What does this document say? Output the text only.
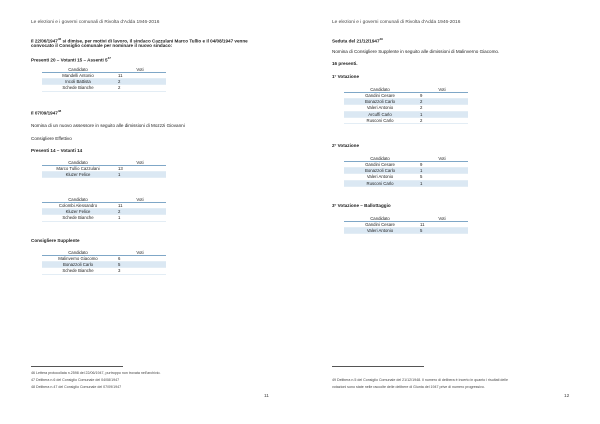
Le elezioni e i governi comunali di Rivolta d'Adda 1946-2016
Il 22/06/1947$^{46}$ si dimise, per motivi di lavoro, il sindaco Cazzulani Marco Tullio e il 04/08/1947 venne
convocato il Consiglio comunale per nominare il nuovo sindaco:
Presenti 20 – Votanti 15 – Assenti $5^{47}$
Candidato	Voti
Mandelli Antonio	11
Incoli Battista	2
Schede Bianche	2
Il 07/09/1947$^{48}$
Nomina di un nuovo assessore in seguito alle dimissioni di Mozzzi Giovanni
Consigliere Effettivo
Presenti 14 – Votanti 14
Candidato	Voti
Marco Tullio Cazzulani	13
Kluzer Felice	1
Candidato	Voti
Colombi Alessandro	11
Kluzer Felice	2
Schede Bianche	1
Consigliere Supplente
Candidato	Voti
Malinverno Giacomo	6
Bonazzoli Carlo	5
Schede Bianche	3
46 Lettera protocollata n.2598 del 22/06/1947, purtroppo non trovata nell'archivio.
47 Delibera n.6 del Consiglio Comunale del 04/08/1947
48 Delibera n.47 del Consiglio Comunale del 07/09/1947
11
Le elezioni e i governi comunali di Rivolta d'Adda 1946-2016
Seduta del 21/12/1947$^{49}$
Nomina di Consigliere Supplente in seguito alle dimissioni di Malinverno Giacomo.
16 presenti.
1° Votazione
Candidato	Voti
Gandini Cesare	9
Bonazzoli Carlo	2
Valeri Antonio	2
Arcuffi Carlo	1
Rusconi Carlo	2
2° Votazione
Candidato	Voti
Gandini Cesare	9
Bonazzoli Carlo	1
Valeri Antonio	5
Rusconi Carlo	1
3° Votazione – Ballottaggio
Candidato	Voti
Gandini Cesare	11
Valeri Antonio	5
49 Delibera n.5 del Consiglio Comunale del 21/12/1948. Il numero di delibera è incerto in quanto i risultati delle
votazioni sono state nelle raccolte delle delibere di Giunta del 1947 prive di numero progressivo.
12
